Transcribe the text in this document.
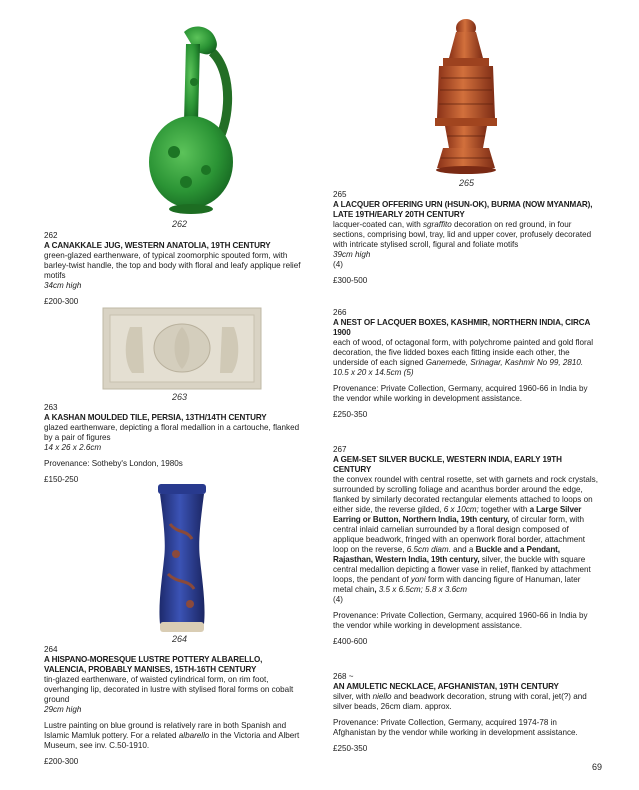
262

262

A CANAKKALE JUG, WESTERN ANATOLIA, 19TH CENTURY

green-glazed earthenware, of typical zoomorphic spouted form, with barley-twist handle, the top and body with floral and leafy applique relief motifs

34cm high

£200-300

263

263

A KASHAN MOULDED TILE, PERSIA, 13TH/14TH CENTURY

glazed earthenware, depicting a floral medallion in a cartouche, flanked by a pair of figures

14 x 26 x 2.6cm

Provenance: Sotheby's London, 1980s

£150-250

264

264

A HISPANO-MORESQUE LUSTRE POTTERY ALBARELLO, VALENCIA, PROBABLY MANISES, 15TH-16TH CENTURY

tin-glazed earthenware, of waisted cylindrical form, on rim foot, overhanging lip, decorated in lustre with stylised floral forms on cobalt ground

29cm high

Lustre painting on blue ground is relatively rare in both Spanish and Islamic Mamluk pottery. For a related albarello in the Victoria and Albert Museum, see inv. C.50-1910.

£200-300

265

265

A LACQUER OFFERING URN (HSUN-OK), BURMA (NOW MYANMAR), LATE 19TH/EARLY 20TH CENTURY

lacquer-coated can, with sgraffito decoration on red ground, in four sections, comprising bowl, tray, lid and upper cover, profusely decorated with intricate stylised scroll, figural and foliate motifs

39cm high

(4)

£300-500

266

A NEST OF LACQUER BOXES, KASHMIR, NORTHERN INDIA, CIRCA 1900

each of wood, of octagonal form, with polychrome painted and gold floral decoration, the five lidded boxes each fitting inside each other, the underside of each signed Ganemede, Srinagar, Kashmir No 99, 2810.

10.5 x 20 x 14.5cm (5)

Provenance: Private Collection, Germany, acquired 1960-66 in India by the vendor while working in development assistance.

£250-350

267

A GEM-SET SILVER BUCKLE, WESTERN INDIA, EARLY 19TH CENTURY

the convex roundel with central rosette, set with garnets and rock crystals, surrounded by scrolling foliage and acanthus border around the edge, flanked by similarly decorated rectangular elements attached to loops on either side, the reverse gilded, 6 x 10cm; together with a Large Silver Earring or Button, Northern India, 19th century, of circular form, with central inlaid carnelian surrounded by a floral design composed of applique beadwork, fringed with an openwork floral border, attachment loop on the reverse, 6.5cm diam. and a Buckle and a Pendant, Rajasthan, Western India, 19th century, silver, the buckle with square central medallion depicting a flower vase in relief, flanked by attachment loops, the pendant of yoni form with dancing figure of Hanuman, later metal chain, 3.5 x 6.5cm; 5.8 x 3.6cm

(4)

Provenance: Private Collection, Germany, acquired 1960-66 in India by the vendor while working in development assistance.

£400-600

268 ~

AN AMULETIC NECKLACE, AFGHANISTAN, 19TH CENTURY

silver, with niello and beadwork decoration, strung with coral, jet(?) and silver beads, 26cm diam. approx.

Provenance: Private Collection, Germany, acquired 1974-78 in Afghanistan by the vendor while working in development assistance.

£250-350

69
